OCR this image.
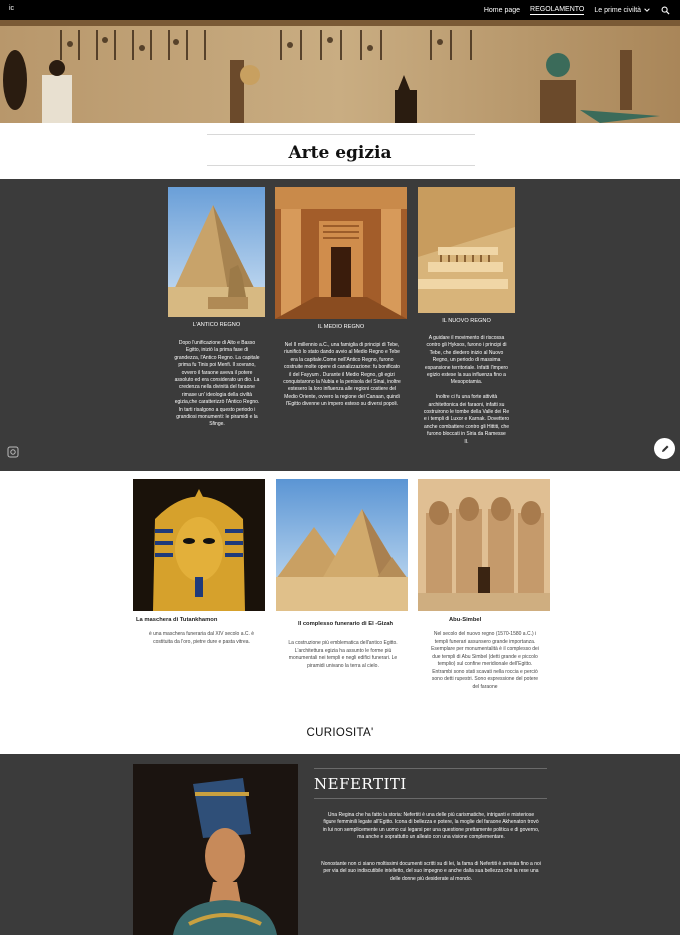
ic	Home page REGOLAMENTO Le prime civiltà
Arte egizia
L'ANTICO REGNO
Dopo l'unificazione di Alto e Basso
Egitto, iniziò la prima fase di
grandezza, l'Antico Regno. La capitale
prima fu Tinis poi Menfi. Il sovrano,
ovvero il faraone aveva il potere
assoluto ed era considerato un dio. La
credenza nella divinità del faraone
rimase un' ideologia della civiltà
egizia,che caratterizzò l'Antico Regno.
In tarti risalgono a questo periodo i
grandiosi monumenti: le piramidi e la
Sfinge.
IL MEDIO REGNO
Nel II millennio a.C., una famiglia di principi di Tebe,
riunificò lo stato dando avvio al Medio Regno e Tebe
era la capitale.Come nell'Antico Regno, furono
costruite molte opere di canalizzazione: fu bonificato
il del Fayyum . Durante il Medio Regno, gli egizi
conquistarono la Nubia e la penisola del Sinai, inoltre
estesero la loro influenza alle regioni costiere del
Medio Oriente, ovvero la regione del Canaan, quindi
l'Egitto divenne un impero esteso su diversi popoli.
IL NUOVO REGNO
A guidare il movimento di riscossa
contro gli Hyksos, furono i principi di
Tebe, che diedero inizio al Nuovo
Regno, un periodo di massima
espansione territoriale. Infatti l'impero
egizio estese la sua influenza fino a
Mesopotamia.

Inoltre ci fu una forte attività
architettonica dei faraoni, infatti su
costruirono le tombe della Valle dei Re
e i templi di Luxor e Karnak. Dovettero
anche combattere contro gli Hittiti, che
furono bloccati in Siria da Ramesse
II.
La maschera di Tutankhamon
è una maschera funeraria dal XIV secolo a.C. è
costituita da l'oro, pietre dure e pasta vitrea.
Il complesso funerario di El -Gizah
La costruzione più emblematica dell'antico Egitto.
L'architettura egizia ha assunto le forme più
monumentali nei templi e negli edifici funerari. Le
piramidi univano la terra al cielo.
Abu-Simbel
Nel secolo del nuovo regno (1570-1580 a.C.) i
templi funerari assunsero grande importanza.
Esemplare per monumentalità è il complesso dei
due templi di Abu Simbel (detti grande e piccolo
templio) sul confine meridionale dell'Egitto.
Entrambi sono stati scavati nella roccia e perciò
sono detti rupestri. Sono espressione del potere
del faraone
CURIOSITA'
NEFERTITI
Una Regina che ha fatto la storia: Nefertiti è una delle più carismatiche, intriganti e misteriose
figure femminili legate all'Egitto. Icona di bellezza e potere, la moglie del faraone Akhenaton trovò
in lui non semplicemente un uomo cui legarsi per una questione prettamente politica e di governo,
ma anche e soprattutto un alleato con una visione complementare.
Nonostante non ci siano moltissimi documenti scritti su di lei, la fama di Nefertiti è arrivata fino a noi
per via del suo indiscutibile intelletto, del suo impegno e anche dalla sua bellezza che la rese una
delle donne più desiderate al mondo.
